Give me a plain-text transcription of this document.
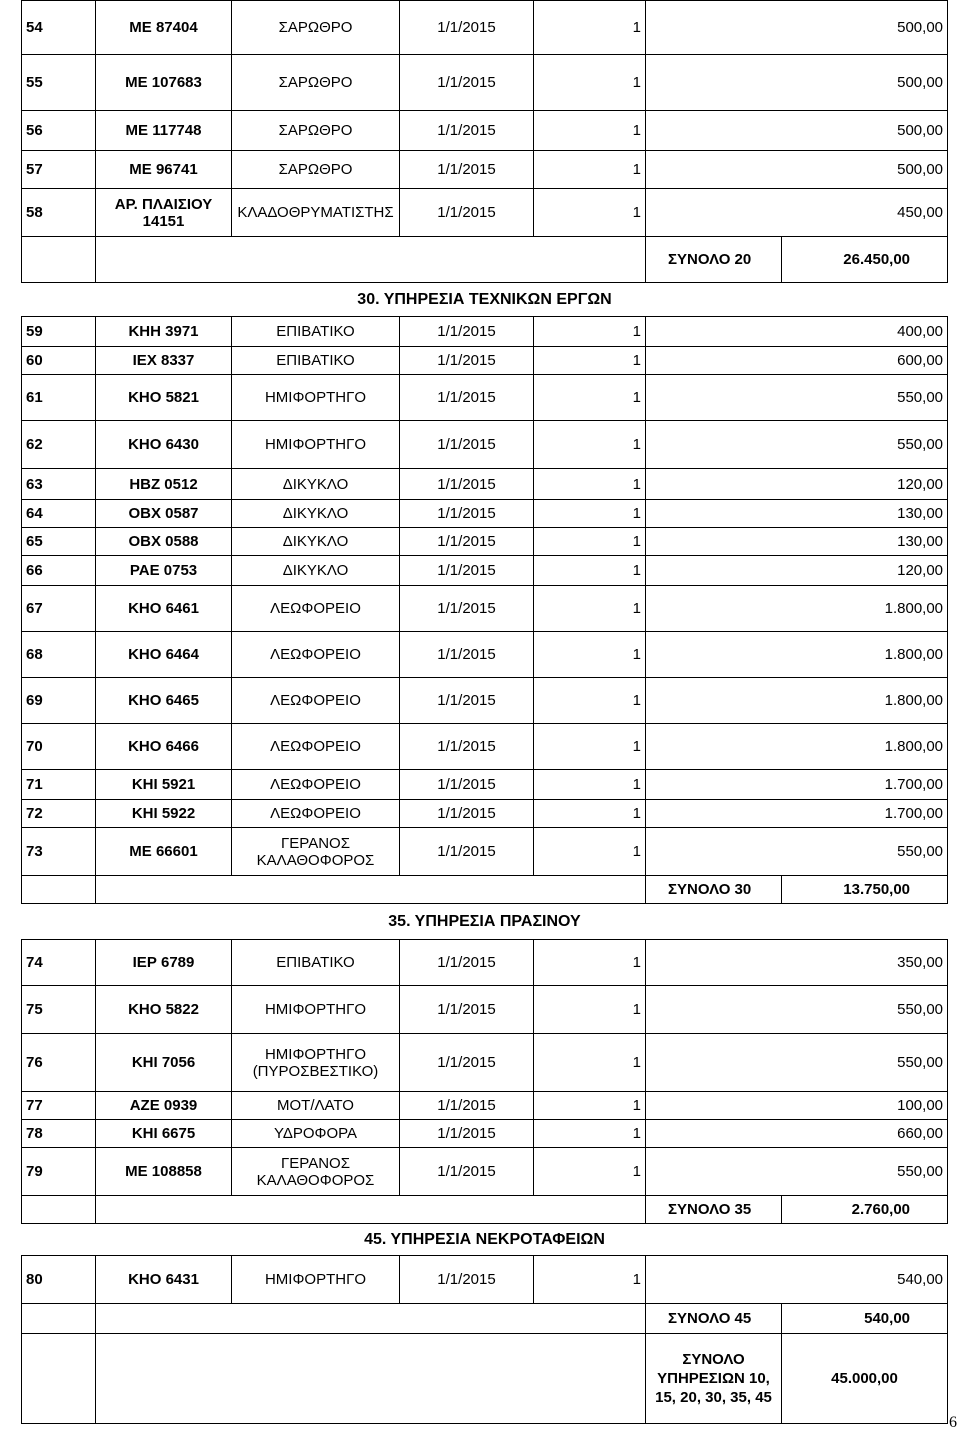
54	ΜΕ 87404	ΣΑΡΩΘΡΟ	1/1/2015	1	500,00	
55	ΜΕ 107683	ΣΑΡΩΘΡΟ	1/1/2015	1	500,00	
56	ΜΕ 117748	ΣΑΡΩΘΡΟ	1/1/2015	1	500,00	
57	ΜΕ 96741	ΣΑΡΩΘΡΟ	1/1/2015	1	500,00	
58	ΑΡ. ΠΛΑΙΣΙΟΥ
14151	ΚΛΑΔΟΘΡΥΜΑΤΙΣΤΗΣ	1/1/2015	1	450,00	
					ΣΥΝΟΛΟ 20	26.450,00
30. ΥΠΗΡΕΣΙΑ ΤΕΧΝΙΚΩΝ ΕΡΓΩΝ						
59	ΚΗΗ 3971	ΕΠΙΒΑΤΙΚΟ	1/1/2015	1	400,00	
60	ΙΕΧ 8337	ΕΠΙΒΑΤΙΚΟ	1/1/2015	1	600,00	
61	ΚΗΟ 5821	ΗΜΙΦΟΡΤΗΓΟ	1/1/2015	1	550,00	
62	ΚΗΟ 6430	ΗΜΙΦΟΡΤΗΓΟ	1/1/2015	1	550,00	
63	ΗΒΖ 0512	ΔΙΚΥΚΛΟ	1/1/2015	1	120,00	
64	ΟΒΧ 0587	ΔΙΚΥΚΛΟ	1/1/2015	1	130,00	
65	ΟΒΧ 0588	ΔΙΚΥΚΛΟ	1/1/2015	1	130,00	
66	ΡΑΕ 0753	ΔΙΚΥΚΛΟ	1/1/2015	1	120,00	
67	ΚΗΟ 6461	ΛΕΩΦΟΡΕΙΟ	1/1/2015	1	1.800,00	
68	ΚΗΟ 6464	ΛΕΩΦΟΡΕΙΟ	1/1/2015	1	1.800,00	
69	ΚΗΟ 6465	ΛΕΩΦΟΡΕΙΟ	1/1/2015	1	1.800,00	
70	ΚΗΟ 6466	ΛΕΩΦΟΡΕΙΟ	1/1/2015	1	1.800,00	
71	ΚΗΙ 5921	ΛΕΩΦΟΡΕΙΟ	1/1/2015	1	1.700,00	
72	ΚΗΙ 5922	ΛΕΩΦΟΡΕΙΟ	1/1/2015	1	1.700,00	
73	ΜΕ 66601	ΓΕΡΑΝΟΣ
ΚΑΛΑΘΟΦΟΡΟΣ	1/1/2015	1	550,00	
					ΣΥΝΟΛΟ 30	13.750,00
35. ΥΠΗΡΕΣΙΑ ΠΡΑΣΙΝΟΥ						
74	ΙΕΡ 6789	ΕΠΙΒΑΤΙΚΟ	1/1/2015	1	350,00	
75	ΚΗΟ 5822	ΗΜΙΦΟΡΤΗΓΟ	1/1/2015	1	550,00	
76	ΚΗΙ 7056	ΗΜΙΦΟΡΤΗΓΟ
(ΠΥΡΟΣΒΕΣΤΙΚΟ)	1/1/2015	1	550,00	
77	ΑΖΕ 0939	ΜΟΤ/ΛΑΤΟ	1/1/2015	1	100,00	
78	ΚΗΙ 6675	ΥΔΡΟΦΟΡΑ	1/1/2015	1	660,00	
79	ΜΕ 108858	ΓΕΡΑΝΟΣ
ΚΑΛΑΘΟΦΟΡΟΣ	1/1/2015	1	550,00	
					ΣΥΝΟΛΟ 35	2.760,00
45. ΥΠΗΡΕΣΙΑ ΝΕΚΡΟΤΑΦΕΙΩΝ						
80	ΚΗΟ 6431	ΗΜΙΦΟΡΤΗΓΟ	1/1/2015	1	540,00	
					ΣΥΝΟΛΟ 45	540,00
					ΣΥΝΟΛΟ ΥΠΗΡΕΣΙΩΝ 10, 15, 20, 30, 35, 45	45.000,00
6
